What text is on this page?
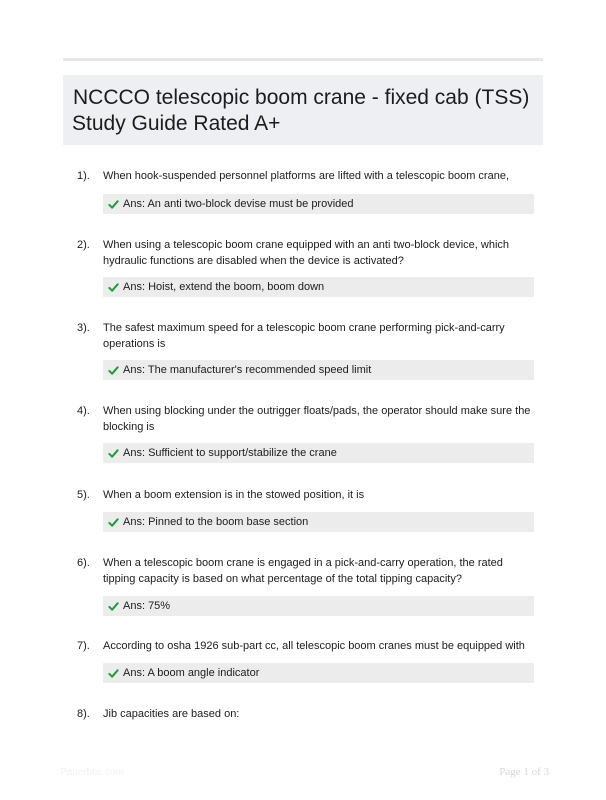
NCCCO telescopic boom crane - fixed cab (TSS)
Study Guide Rated A+
1). When hook-suspended personnel platforms are lifted with a telescopic boom crane,
Ans: An anti two-block devise must be provided
2). When using a telescopic boom crane equipped with an anti two-block device, which hydraulic functions are disabled when the device is activated?
Ans: Hoist, extend the boom, boom down
3). The safest maximum speed for a telescopic boom crane performing pick-and-carry operations is
Ans: The manufacturer's recommended speed limit
4). When using blocking under the outrigger floats/pads, the operator should make sure the blocking is
Ans: Sufficient to support/stabilize the crane
5). When a boom extension is in the stowed position, it is
Ans: Pinned to the boom base section
6). When a telescopic boom crane is engaged in a pick-and-carry operation, the rated tipping capacity is based on what percentage of the total tipping capacity?
Ans: 75%
7). According to osha 1926 sub-part cc, all telescopic boom cranes must be equipped with
Ans: A boom angle indicator
8). Jib capacities are based on:
Paperbtic.com	Page 1 of 3
